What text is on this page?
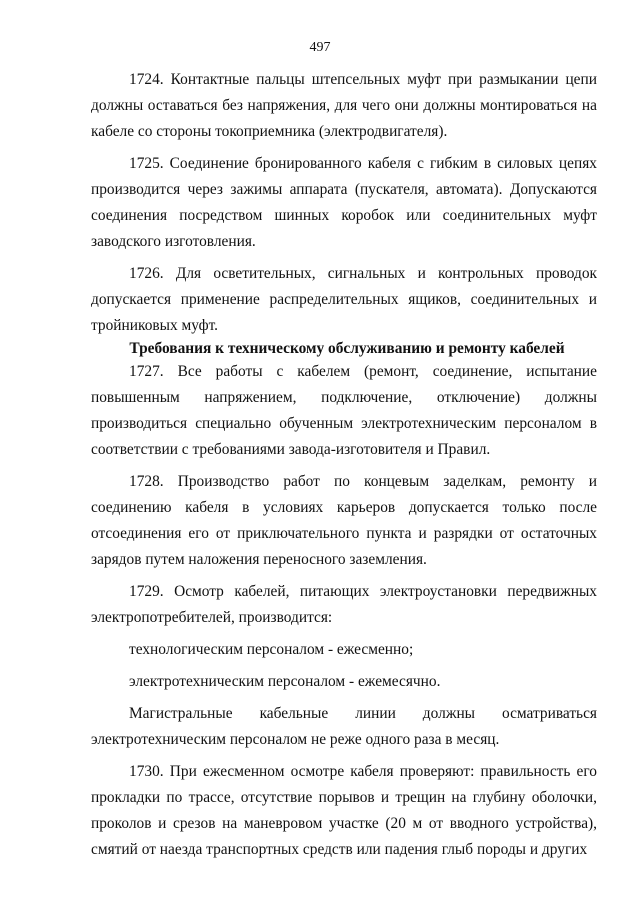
497

1724. Контактные пальцы штепсельных муфт при размыкании цепи должны оставаться без напряжения, для чего они должны монтироваться на кабеле со стороны токоприемника (электродвигателя).

1725. Соединение бронированного кабеля с гибким в силовых цепях производится через зажимы аппарата (пускателя, автомата). Допускаются соединения посредством шинных коробок или соединительных муфт заводского изготовления.

1726. Для осветительных, сигнальных и контрольных проводок допускается применение распределительных ящиков, соединительных и тройниковых муфт.

Требования к техническому обслуживанию и ремонту кабелей

1727. Все работы с кабелем (ремонт, соединение, испытание повышенным напряжением, подключение, отключение) должны производиться специально обученным электротехническим персоналом в соответствии с требованиями завода-изготовителя и Правил.

1728. Производство работ по концевым заделкам, ремонту и соединению кабеля в условиях карьеров допускается только после отсоединения его от приключательного пункта и разрядки от остаточных зарядов путем наложения переносного заземления.

1729. Осмотр кабелей, питающих электроустановки передвижных электропотребителей, производится:

технологическим персоналом - ежесменно;

электротехническим персоналом - ежемесячно.

Магистральные кабельные линии должны осматриваться электротехническим персоналом не реже одного раза в месяц.

1730. При ежесменном осмотре кабеля проверяют: правильность его прокладки по трассе, отсутствие порывов и трещин на глубину оболочки, проколов и срезов на маневровом участке (20 м от вводного устройства), смятий от наезда транспортных средств или падения глыб породы и других
